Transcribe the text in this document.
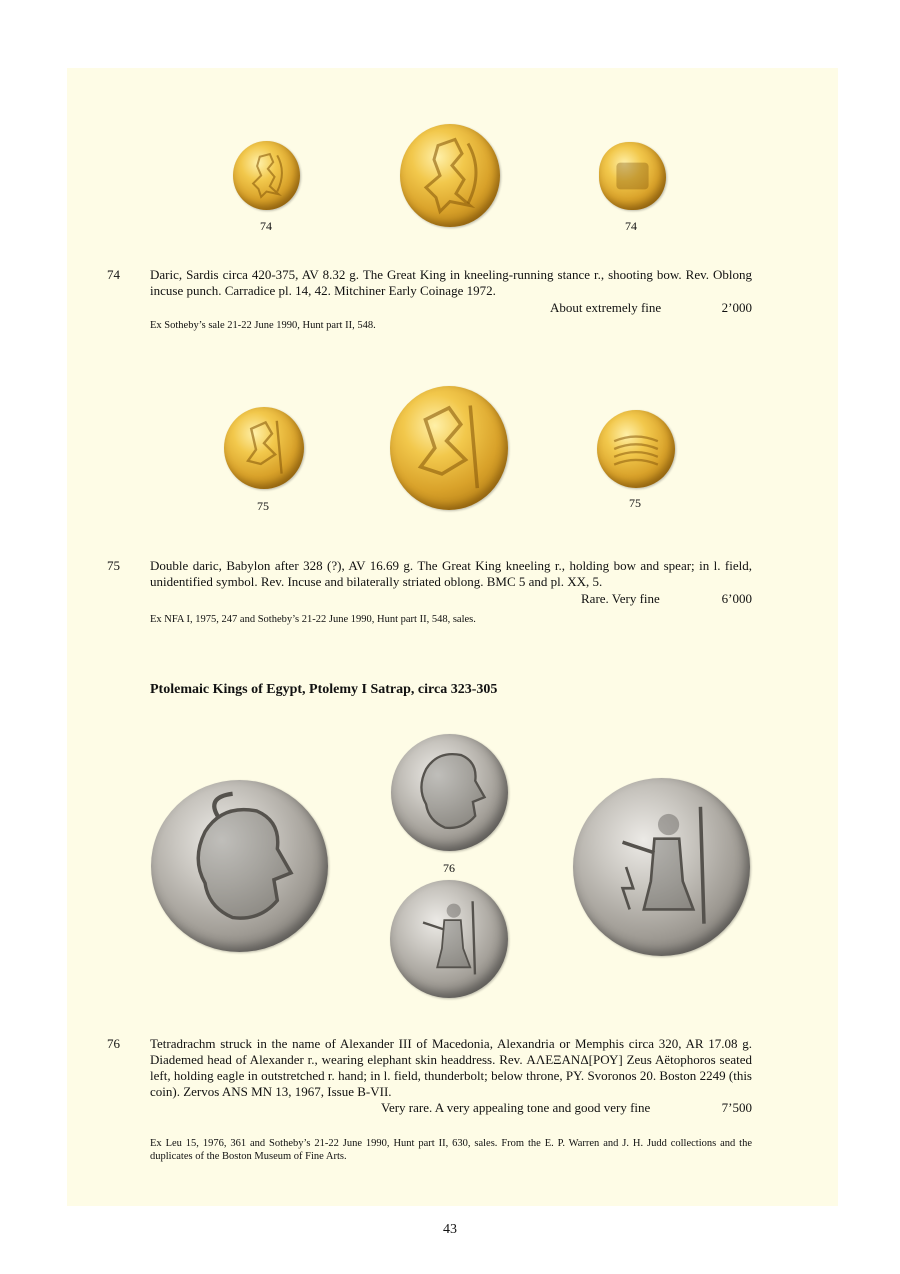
74	74
74 Daric, Sardis circa 420-375, AV 8.32 g. The Great King in kneeling-running stance r., shooting bow. Rev. Oblong incuse punch. Carradice pl. 14, 42. Mitchiner Early Coinage 1972.
About extremely fine	2’000
Ex Sotheby’s sale 21-22 June 1990, Hunt part II, 548.
75	75
75 Double daric, Babylon after 328 (?), AV 16.69 g. The Great King kneeling r., holding bow and spear; in l. field, unidentified symbol. Rev. Incuse and bilaterally striated oblong. BMC 5 and pl. XX, 5.
Rare. Very fine	6’000
Ex NFA I, 1975, 247 and Sotheby’s 21-22 June 1990, Hunt part II, 548, sales.
Ptolemaic Kings of Egypt, Ptolemy I Satrap, circa 323-305
76
76 Tetradrachm struck in the name of Alexander III of Macedonia, Alexandria or Memphis circa 320, AR 17.08 g. Diademed head of Alexander r., wearing elephant skin headdress. Rev. ΑΛΕΞΑΝΔ[ΡΟΥ] Zeus Aëtophoros seated left, holding eagle in outstretched r. hand; in l. field, thunderbolt; below throne, PY. Svoronos 20. Boston 2249 (this coin). Zervos ANS MN 13, 1967, Issue B-VII.
Very rare. A very appealing tone and good very fine	7’500
Ex Leu 15, 1976, 361 and Sotheby’s 21-22 June 1990, Hunt part II, 630, sales. From the E. P. Warren and J. H. Judd collections and the duplicates of the Boston Museum of Fine Arts.
43
